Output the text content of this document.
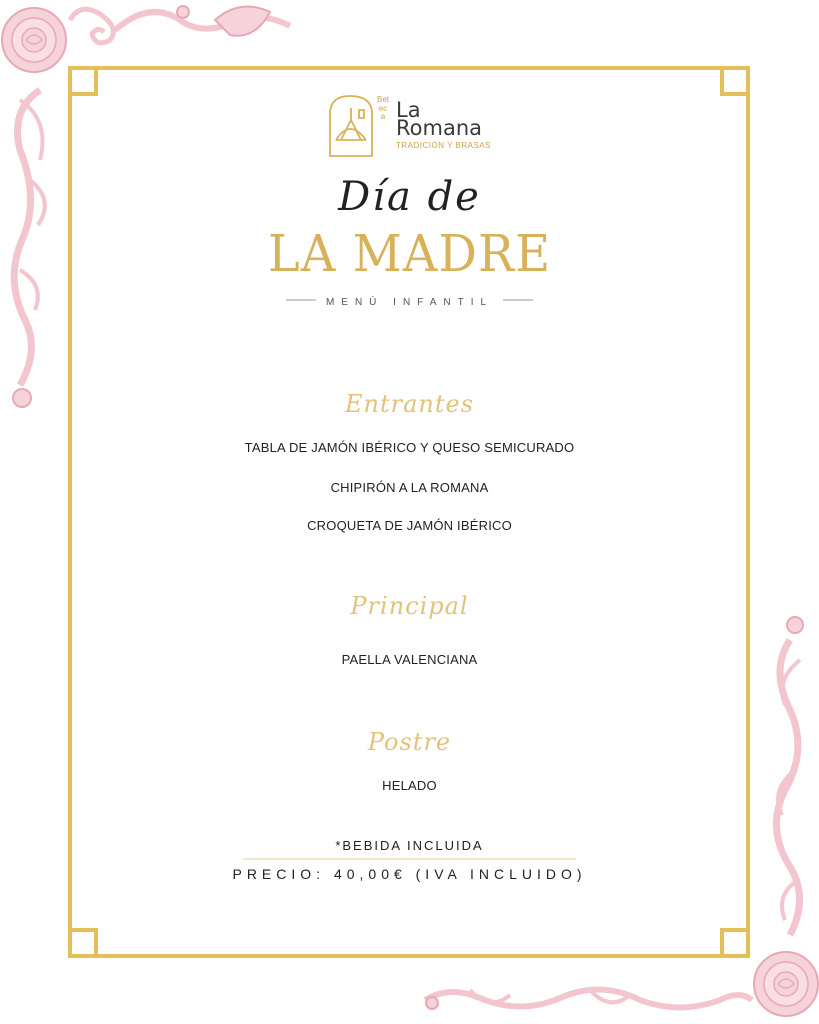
Beteca La
Romana
TRADICIÓN Y BRASAS
Día de
LA MADRE
MENÚ INFANTIL
Entrantes
TABLA DE JAMÓN IBÉRICO Y QUESO SEMICURADO
CHIPIRÓN A LA ROMANA
CROQUETA DE JAMÓN IBÉRICO
Principal
PAELLA VALENCIANA
Postre
HELADO
*BEBIDA INCLUIDA
PRECIO: 40,00€ (IVA INCLUIDO)
